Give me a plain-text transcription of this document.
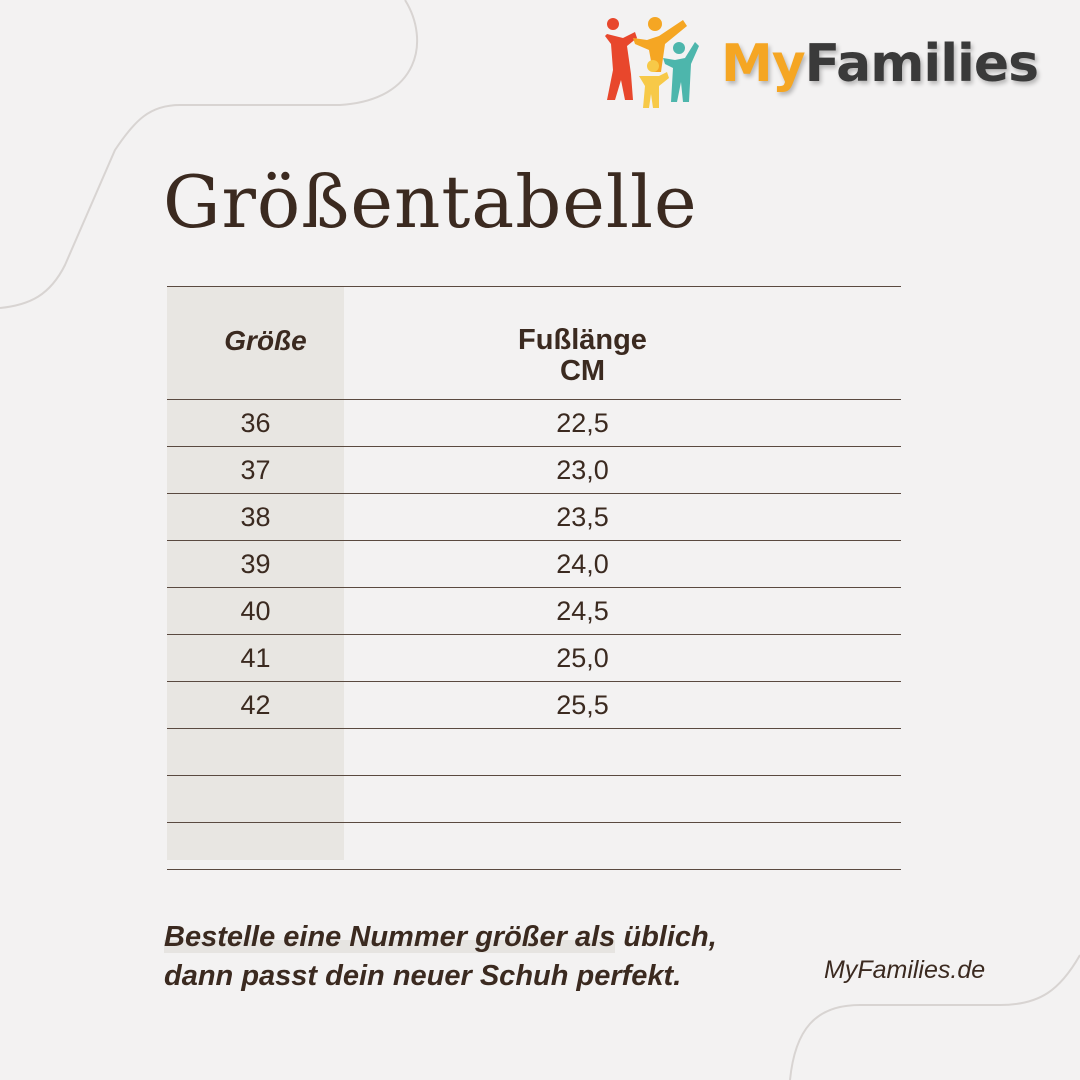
MyFamilies
Größentabelle
Größe	Fußlänge
CM
36	22,5
37	23,0
38	23,5
39	24,0
40	24,5
41	25,0
42	25,5
Bestelle eine Nummer größer als üblich,
dann passt dein neuer Schuh perfekt.	MyFamilies.de
